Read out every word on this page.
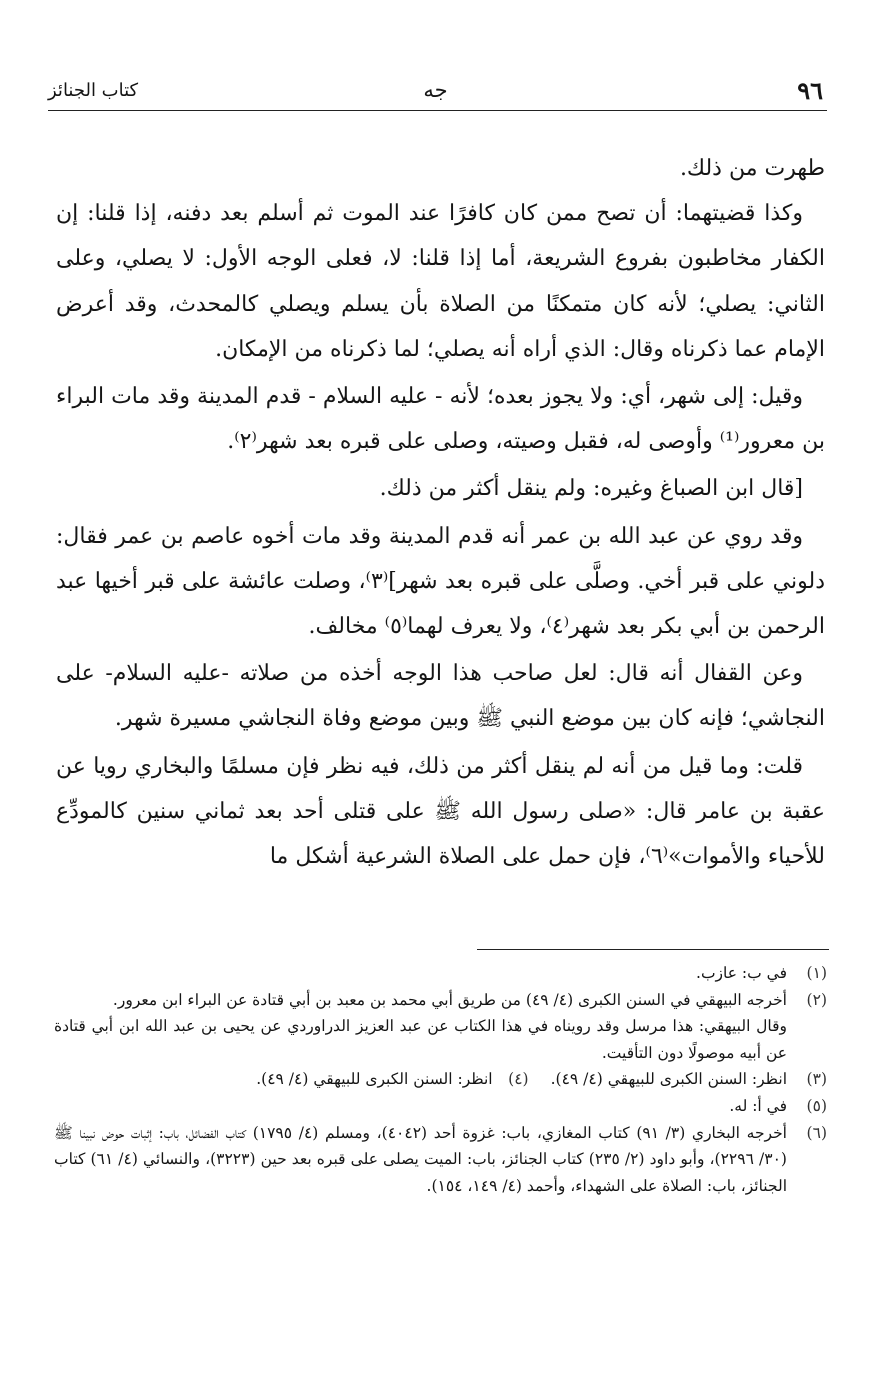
٩٦
جه
كتاب الجنائز

طهرت من ذلك.

وكذا قضيتهما: أن تصح ممن كان كافرًا عند الموت ثم أسلم بعد دفنه، إذا قلنا: إن الكفار مخاطبون بفروع الشريعة، أما إذا قلنا: لا، فعلى الوجه الأول: لا يصلي، وعلى الثاني: يصلي؛ لأنه كان متمكنًا من الصلاة بأن يسلم ويصلي كالمحدث، وقد أعرض الإمام عما ذكرناه وقال: الذي أراه أنه يصلي؛ لما ذكرناه من الإمكان.

وقيل: إلى شهر، أي: ولا يجوز بعده؛ لأنه - عليه السلام - قدم المدينة وقد مات البراء بن معرور⁽¹⁾ وأوصى له، فقبل وصيته، وصلى على قبره بعد شهر⁽٢⁾.

[قال ابن الصباغ وغيره: ولم ينقل أكثر من ذلك.

وقد روي عن عبد الله بن عمر أنه قدم المدينة وقد مات أخوه عاصم بن عمر فقال: دلوني على قبر أخي. وصلَّى على قبره بعد شهر]⁽٣⁾، وصلت عائشة على قبر أخيها عبد الرحمن بن أبي بكر بعد شهر⁽٤⁾، ولا يعرف لهما⁽٥⁾ مخالف.

وعن القفال أنه قال: لعل صاحب هذا الوجه أخذه من صلاته -عليه السلام- على النجاشي؛ فإنه كان بين موضع النبي ﷺ وبين موضع وفاة النجاشي مسيرة شهر.

قلت: وما قيل من أنه لم ينقل أكثر من ذلك، فيه نظر فإن مسلمًا والبخاري رويا عن عقبة بن عامر قال: «صلى رسول الله ﷺ على قتلى أحد بعد ثماني سنين كالمودِّع للأحياء والأموات»⁽٦⁾، فإن حمل على الصلاة الشرعية أشكل ما

(١)
في ب: عازب.
(٢)
أخرجه البيهقي في السنن الكبرى (٤/ ٤٩) من طريق أبي محمد بن معبد بن أبي قتادة عن البراء ابن معرور.
وقال البيهقي: هذا مرسل وقد رويناه في هذا الكتاب عن عبد العزيز الدراوردي عن يحيى بن عبد الله ابن أبي قتادة عن أبيه موصولًا دون التأقيت.
(٣)
انظر: السنن الكبرى للبيهقي (٤/ ٤٩).
(٤)
انظر: السنن الكبرى للبيهقي (٤/ ٤٩).
(٥)
في أ: له.
(٦)
أخرجه البخاري (٣/ ٩١) كتاب المغازي، باب: غزوة أحد (٤٠٤٢)، ومسلم (٤/ ١٧٩٥) كتاب الفضائل، باب: إثبات حوض نبينا ﷺ (٣٠/ ٢٢٩٦)، وأبو داود (٢/ ٢٣٥) كتاب الجنائز، باب: الميت يصلى على قبره بعد حين (٣٢٢٣)، والنسائي (٤/ ٦١) كتاب الجنائز، باب: الصلاة على الشهداء، وأحمد (٤/ ١٤٩، ١٥٤).
